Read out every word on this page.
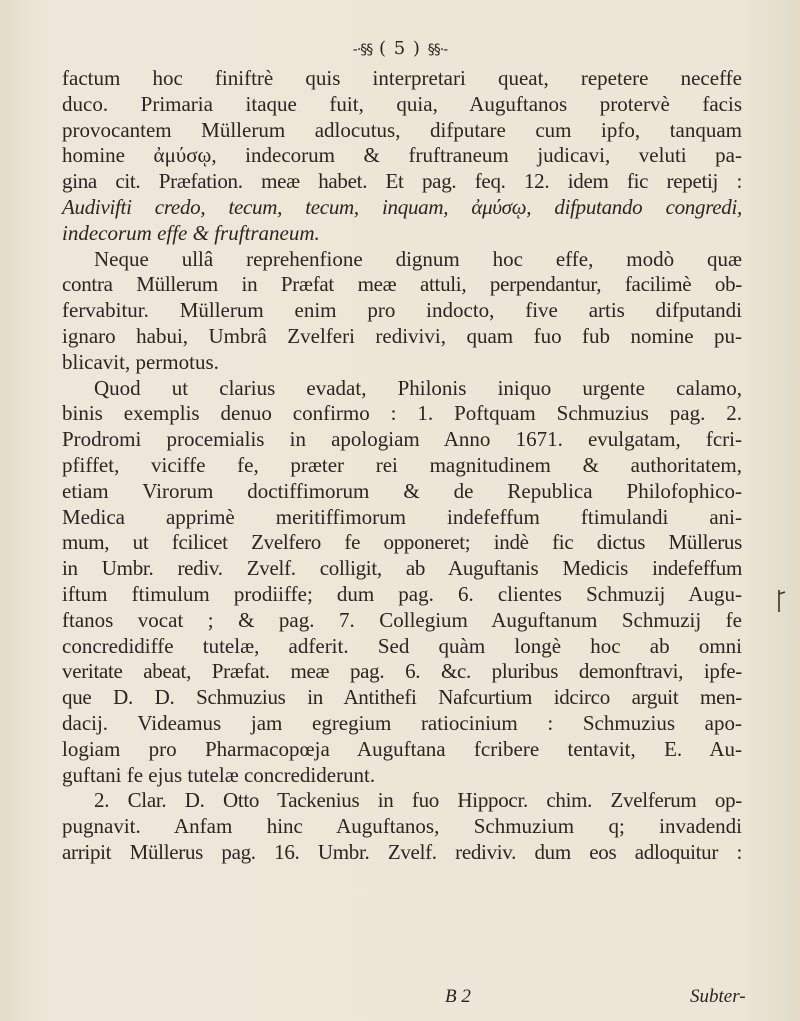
-·§§ ( 5 ) §§·-
factum hoc finiftrè quis interpretari queat, repetere neceffe
duco. Primaria itaque fuit, quia, Auguftanos protervè facis
provocantem Müllerum adlocutus, difputare cum ipfo, tanquam
homine ἀμύσῳ, indecorum & fruftraneum judicavi, veluti pa-
gina cit. Præfation. meæ habet. Et pag. feq. 12. idem fic repetij :
Audivifti credo, tecum, tecum, inquam, ἀμύσῳ, difputando congredi,
indecorum effe & fruftraneum.
Neque ullâ reprehenfione dignum hoc effe, modò quæ
contra Müllerum in Præfat meæ attuli, perpendantur, facilimè ob-
fervabitur. Müllerum enim pro indocto, five artis difputandi
ignaro habui, Umbrâ Zvelferi redivivi, quam fuo fub nomine pu-
blicavit, permotus.
Quod ut clarius evadat, Philonis iniquo urgente calamo,
binis exemplis denuo confirmo : 1. Poftquam Schmuzius pag. 2.
Prodromi procemialis in apologiam Anno 1671. evulgatam, fcri-
pfiffet, viciffe fe, præter rei magnitudinem & authoritatem,
etiam Virorum doctiffimorum & de Republica Philofophico-
Medica apprimè meritiffimorum indefeffum ftimulandi ani-
mum, ut fcilicet Zvelfero fe opponeret; indè fic dictus Müllerus
in Umbr. rediv. Zvelf. colligit, ab Auguftanis Medicis indefeffum
iftum ftimulum prodiiffe; dum pag. 6. clientes Schmuzij Augu-
ftanos vocat ; & pag. 7. Collegium Auguftanum Schmuzij fe
concredidiffe tutelæ, adferit. Sed quàm longè hoc ab omni
veritate abeat, Præfat. meæ pag. 6. &c. pluribus demonftravi, ipfe-
que D. D. Schmuzius in Antithefi Nafcurtium idcirco arguit men-
dacij. Videamus jam egregium ratiocinium : Schmuzius apo-
logiam pro Pharmacopœja Auguftana fcribere tentavit, E. Au-
guftani fe ejus tutelæ concrediderunt.
2. Clar. D. Otto Tackenius in fuo Hippocr. chim. Zvelferum op-
pugnavit. Anfam hinc Auguftanos, Schmuzium q; invadendi
arripit Müllerus pag. 16. Umbr. Zvelf. rediviv. dum eos adloquitur :
B 2	Subter-
